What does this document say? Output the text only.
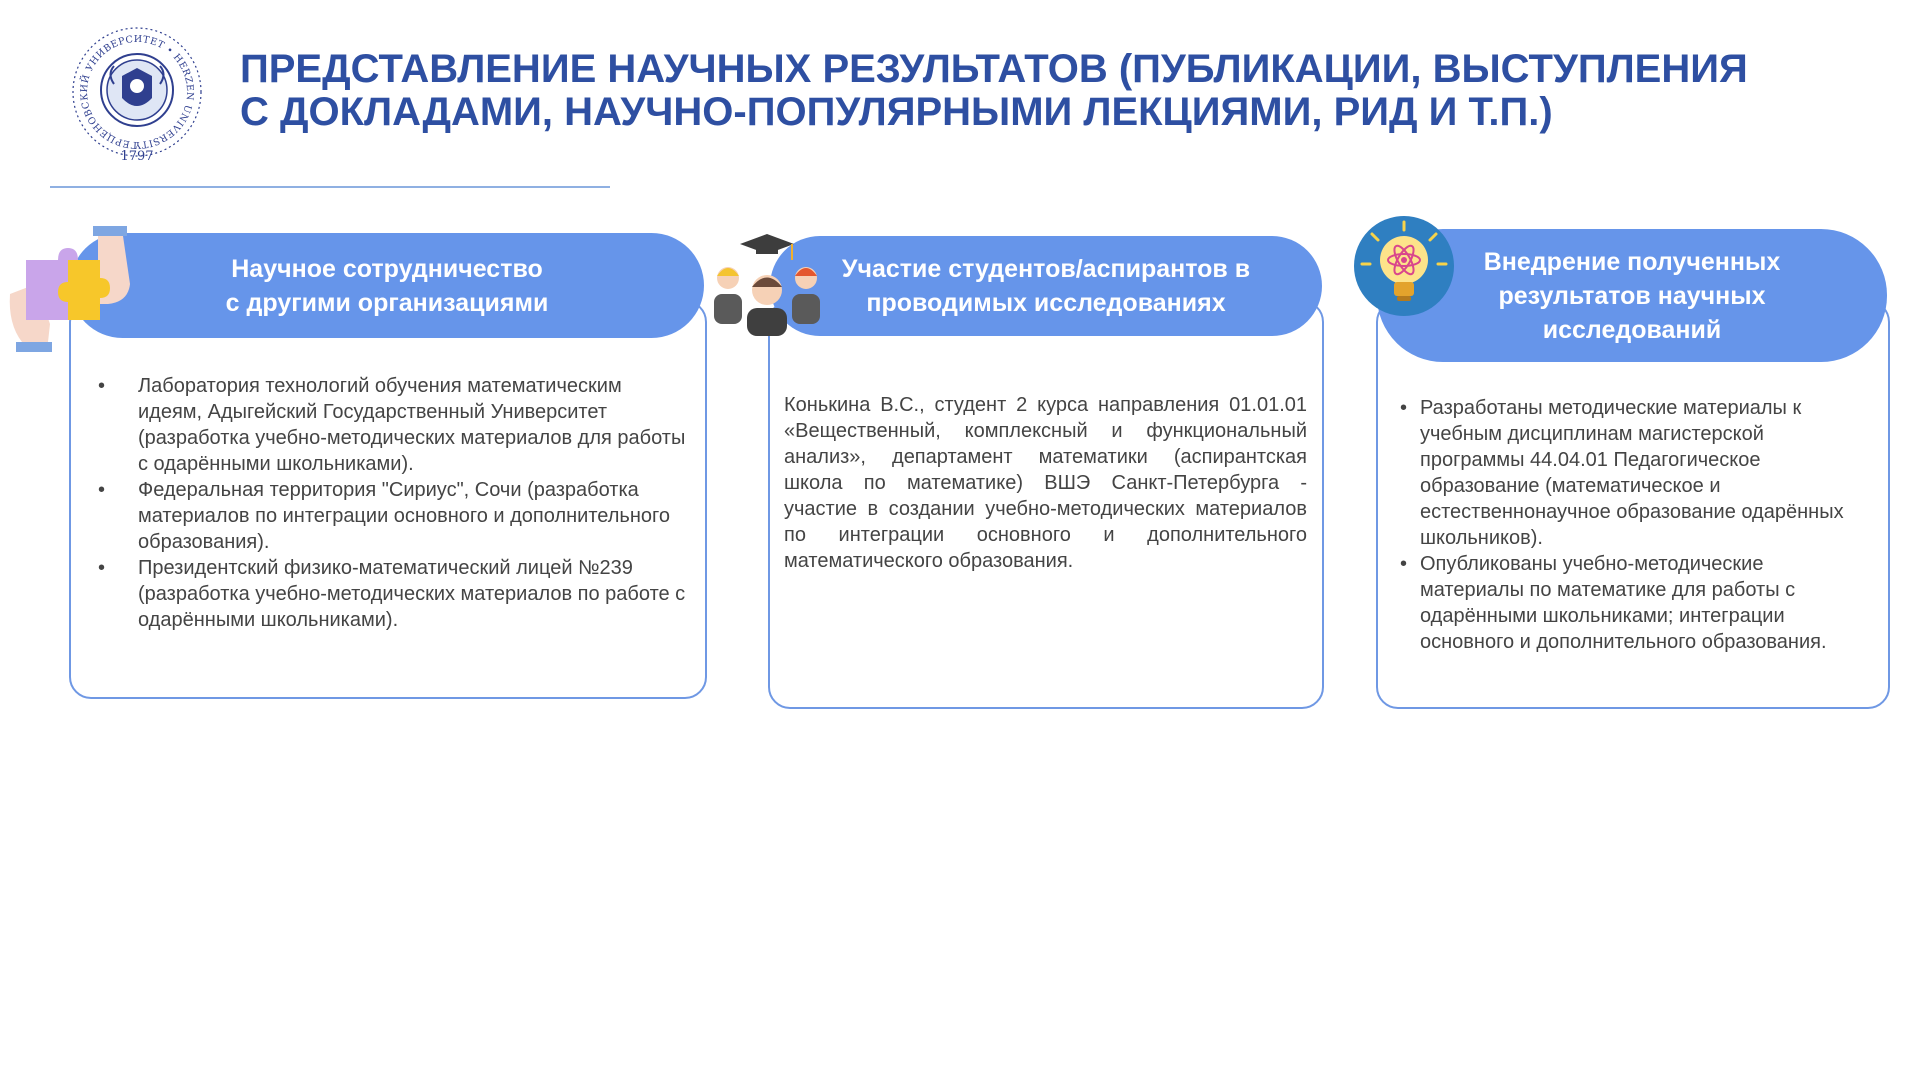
ГЕРЦЕНОВСКИЙ УНИВЕРСИТЕТ • HERZEN UNIVERSITY
1797
ПРЕДСТАВЛЕНИЕ НАУЧНЫХ РЕЗУЛЬТАТОВ (ПУБЛИКАЦИИ, ВЫСТУПЛЕНИЯ
С ДОКЛАДАМИ, НАУЧНО-ПОПУЛЯРНЫМИ ЛЕКЦИЯМИ, РИД И Т.П.)
Научное сотрудничество
с другими организациями
• Лаборатория технологий обучения математическим идеям, Адыгейский Государственный Университет (разработка учебно-методических материалов для работы с одарёнными школьниками).
• Федеральная территория "Сириус", Сочи (разработка материалов по интеграции основного и дополнительного образования).
• Президентский физико-математический лицей №239 (разработка учебно-методических материалов по работе с одарёнными школьниками).
Участие студентов/аспирантов в
проводимых исследованиях

Конькина В.С., студент 2 курса направления 01.01.01 «Вещественный, комплексный и функциональный анализ», департамент математики (аспирантская школа по математике) ВШЭ Санкт-Петербурга - участие в создании учебно-методических материалов по интеграции основного и дополнительного математического образования.

Внедрение полученных
результатов научных
исследований
• Разработаны методические материалы к учебным дисциплинам магистерской программы 44.04.01 Педагогическое образование (математическое и естественнонаучное образование одарённых школьников).
• Опубликованы учебно-методические материалы по математике для работы с одарёнными школьниками; интеграции основного и дополнительного образования.
